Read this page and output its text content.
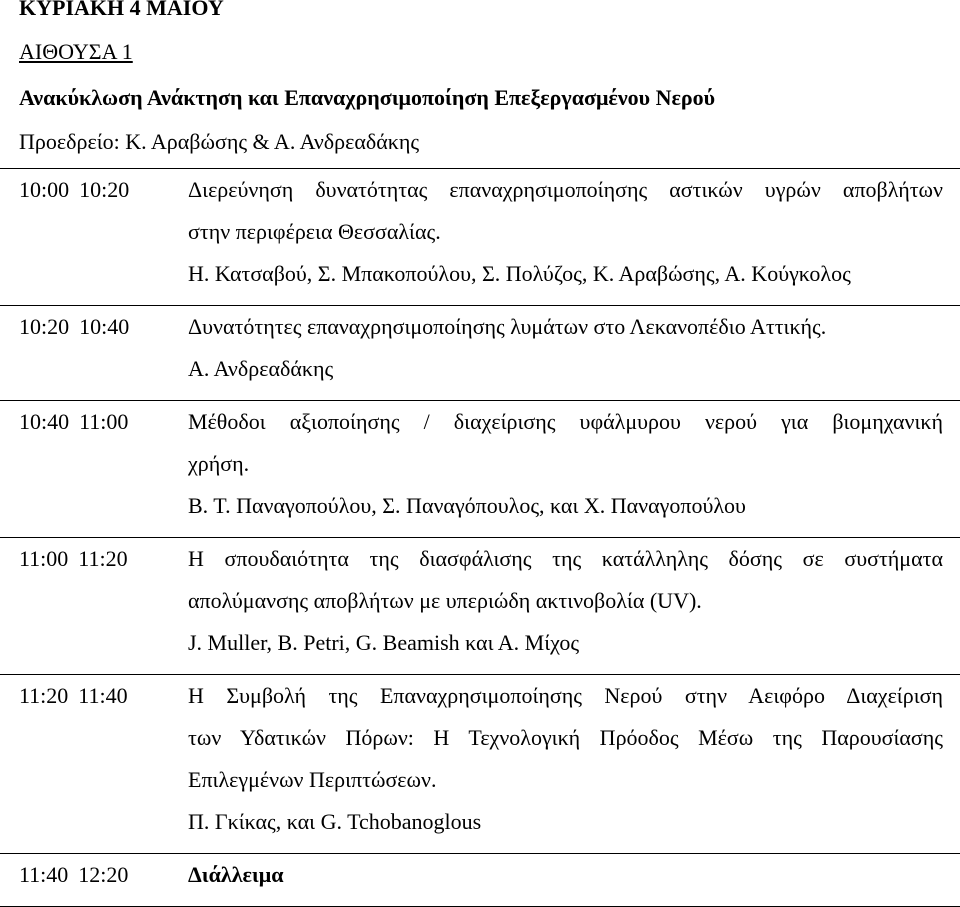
ΚΥΡΙΑΚΗ 4 ΜΑΙΟΥ
ΑΙΘΟΥΣΑ 1
Ανακύκλωση Ανάκτηση και Επαναχρησιμοποίηση Επεξεργασμένου Νερού
Προεδρείο: Κ. Αραβώσης & Α. Ανδρεαδάκης
10:00 10:20	Διερεύνηση δυνατότητας επαναχρησιμοποίησης αστικών υγρών αποβλήτων
στην περιφέρεια Θεσσαλίας.
Η. Κατσαβού, Σ. Μπακοπούλου, Σ. Πολύζος, Κ. Αραβώσης, Α. Κούγκολος

10:20 10:40	Δυνατότητες επαναχρησιμοποίησης λυμάτων στο Λεκανοπέδιο Αττικής.
Α. Ανδρεαδάκης

10:40 11:00	Μέθοδοι αξιοποίησης / διαχείρισης υφάλμυρου νερού για βιομηχανική
χρήση.
Β. Τ. Παναγοπούλου, Σ. Παναγόπουλος, και Χ. Παναγοπούλου

11:00 11:20	Η σπουδαιότητα της διασφάλισης της κατάλληλης δόσης σε συστήματα
απολύμανσης αποβλήτων με υπεριώδη ακτινοβολία (UV).
J. Muller, B. Petri, G. Beamish και Α. Μίχος

11:20 11:40	Η Συμβολή της Επαναχρησιμοποίησης Νερού στην Αειφόρο Διαχείριση
των Υδατικών Πόρων: Η Τεχνολογική Πρόοδος Μέσω της Παρουσίασης
Επιλεγμένων Περιπτώσεων.
Π. Γκίκας, και G. Tchobanoglous

11:40 12:20	Διάλλειμα
